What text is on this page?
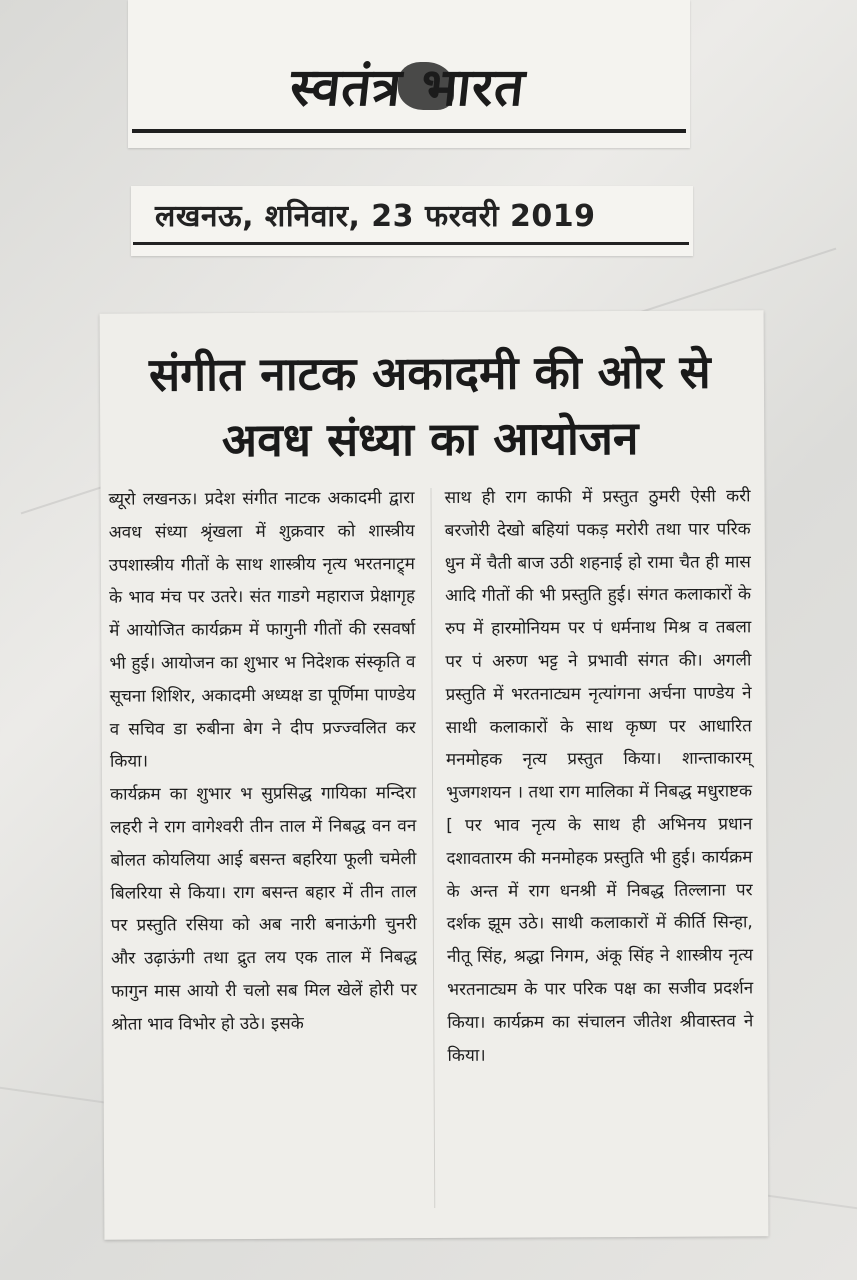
स्वतंत्र भारत
लखनऊ, शनिवार, 23 फरवरी 2019
संगीत नाटक अकादमी की ओर से अवध संध्या का आयोजन

ब्यूरो लखनऊ। प्रदेश संगीत नाटक अकादमी द्वारा अवध संध्या श्रृंखला में शुक्रवार को शास्त्रीय उपशास्त्रीय गीतों के साथ शास्त्रीय नृत्य भरतनाट्र्म के भाव मंच पर उतरे। संत गाडगे महाराज प्रेक्षागृह में आयोजित कार्यक्रम में फागुनी गीतों की रसवर्षा भी हुई। आयोजन का शुभार भ निदेशक संस्कृति व सूचना शिशिर, अकादमी अध्यक्ष डा पूर्णिमा पाण्डेय व सचिव डा रुबीना बेग ने दीप प्रज्ज्वलित कर किया।

कार्यक्रम का शुभार भ सुप्रसिद्ध गायिका मन्दिरा लहरी ने राग वागेश्वरी तीन ताल में निबद्ध वन वन बोलत कोयलिया आई बसन्त बहरिया फूली चमेली बिलरिया से किया। राग बसन्त बहार में तीन ताल पर प्रस्तुति रसिया को अब नारी बनाऊंगी चुनरी और उढ़ाऊंगी तथा द्रुत लय एक ताल में निबद्ध फागुन मास आयो री चलो सब मिल खेलें होरी पर श्रोता भाव विभोर हो उठे। इसके

साथ ही राग काफी में प्रस्तुत ठुमरी ऐसी करी बरजोरी देखो बहियां पकड़ मरोरी तथा पार परिक धुन में चैती बाज उठी शहनाई हो रामा चैत ही मास आदि गीतों की भी प्रस्तुति हुई। संगत कलाकारों के रुप में हारमोनियम पर पं धर्मनाथ मिश्र व तबला पर पं अरुण भट्ट ने प्रभावी संगत की। अगली प्रस्तुति में भरतनाट्यम नृत्यांगना अर्चना पाण्डेय ने साथी कलाकारों के साथ कृष्ण पर आधारित मनमोहक नृत्य प्रस्तुत किया। शान्ताकारम् भुजगशयन । तथा राग मालिका में निबद्ध मधुराष्टक [ पर भाव नृत्य के साथ ही अभिनय प्रधान दशावतारम की मनमोहक प्रस्तुति भी हुई। कार्यक्रम के अन्त में राग धनश्री में निबद्ध तिल्लाना पर दर्शक झूम उठे। साथी कलाकारों में कीर्ति सिन्हा, नीतू सिंह, श्रद्धा निगम, अंकू सिंह ने शास्त्रीय नृत्य भरतनाट्यम के पार परिक पक्ष का सजीव प्रदर्शन किया। कार्यक्रम का संचालन जीतेश श्रीवास्तव ने किया।
